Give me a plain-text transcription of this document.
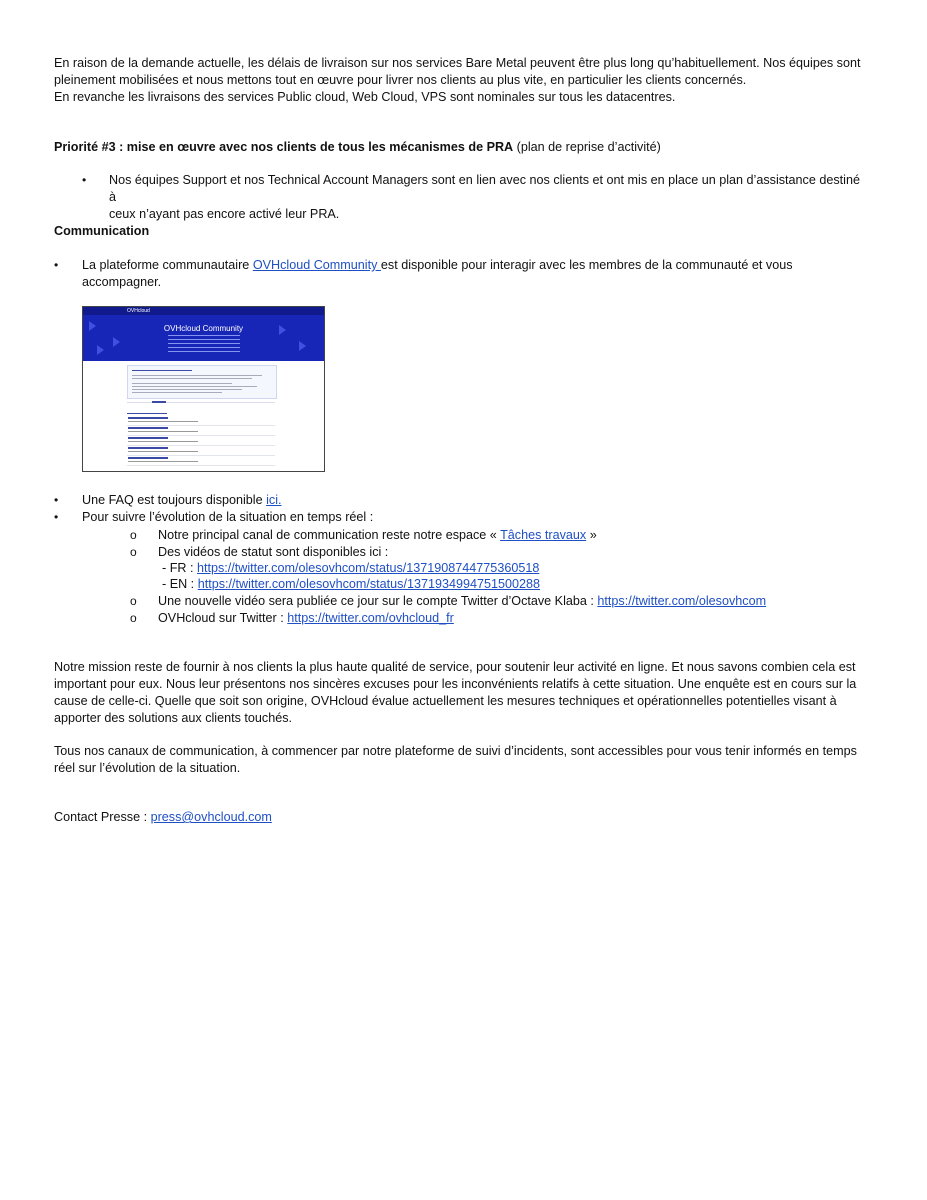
En raison de la demande actuelle, les délais de livraison sur nos services Bare Metal peuvent être plus long qu’habituellement. Nos équipes sont

pleinement mobilisées et nous mettons tout en œuvre pour livrer nos clients au plus vite, en particulier les clients concernés.

En revanche les livraisons des services Public cloud, Web Cloud, VPS sont nominales sur tous les datacentres.

Priorité #3 : mise en œuvre avec nos clients de tous les mécanismes de PRA (plan de reprise d’activité)

• Nos équipes Support et nos Technical Account Managers sont en lien avec nos clients et ont mis en place un plan d’assistance destiné à

ceux n’ayant pas encore activé leur PRA.

Communication

• La plateforme communautaire OVHcloud Community est disponible pour interagir avec les membres de la communauté et vous

accompagner.

OVHcloud
OVHcloud Community
• Une FAQ est toujours disponible ici.

• Pour suivre l’évolution de la situation en temps réel :

o Notre principal canal de communication reste notre espace « Tâches travaux »

o Des vidéos de statut sont disponibles ici :

- FR : https://twitter.com/olesovhcom/status/1371908744775360518

- EN : https://twitter.com/olesovhcom/status/1371934994751500288

o Une nouvelle vidéo sera publiée ce jour sur le compte Twitter d’Octave Klaba : https://twitter.com/olesovhcom

o OVHcloud sur Twitter : https://twitter.com/ovhcloud_fr

Notre mission reste de fournir à nos clients la plus haute qualité de service, pour soutenir leur activité en ligne. Et nous savons combien cela est

important pour eux. Nous leur présentons nos sincères excuses pour les inconvénients relatifs à cette situation. Une enquête est en cours sur la

cause de celle-ci. Quelle que soit son origine, OVHcloud évalue actuellement les mesures techniques et opérationnelles potentielles visant à

apporter des solutions aux clients touchés.

Tous nos canaux de communication, à commencer par notre plateforme de suivi d’incidents, sont accessibles pour vous tenir informés en temps

réel sur l’évolution de la situation.

Contact Presse : press@ovhcloud.com
